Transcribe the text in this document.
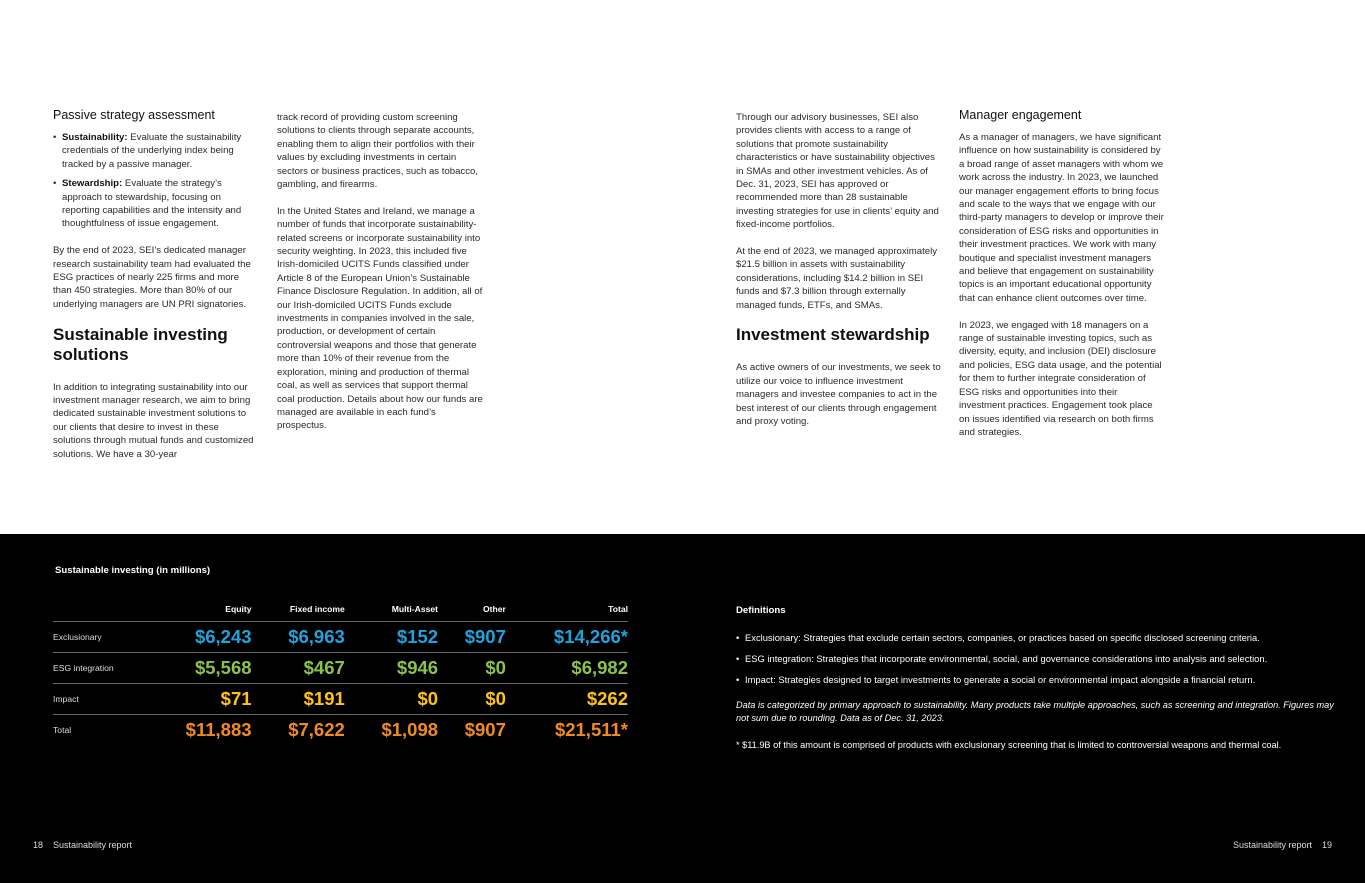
Passive strategy assessment
• Sustainability: Evaluate the sustainability credentials of the underlying index being tracked by a passive manager.
• Stewardship: Evaluate the strategy’s approach to stewardship, focusing on reporting capabilities and the intensity and thoughtfulness of issue engagement.

By the end of 2023, SEI’s dedicated manager research sustainability team had evaluated the ESG practices of nearly 225 firms and more than 450 strategies. More than 80% of our underlying managers are UN PRI signatories.

Sustainable investing solutions

In addition to integrating sustainability into our investment manager research, we aim to bring dedicated sustainable investment solutions to our clients that desire to invest in these solutions through mutual funds and customized solutions. We have a 30-year

track record of providing custom screening solutions to clients through separate accounts, enabling them to align their portfolios with their values by excluding investments in certain sectors or business practices, such as tobacco, gambling, and firearms.

In the United States and Ireland, we manage a number of funds that incorporate sustainability-related screens or incorporate sustainability into security weighting. In 2023, this included five Irish-domiciled UCITS Funds classified under Article 8 of the European Union’s Sustainable Finance Disclosure Regulation. In addition, all of our Irish-domiciled UCITS Funds exclude investments in companies involved in the sale, production, or development of certain controversial weapons and those that generate more than 10% of their revenue from the exploration, mining and production of thermal coal, as well as services that support thermal coal production. Details about how our funds are managed are available in each fund’s prospectus.

Through our advisory businesses, SEI also provides clients with access to a range of solutions that promote sustainability characteristics or have sustainability objectives in SMAs and other investment vehicles. As of Dec. 31, 2023, SEI has approved or recommended more than 28 sustainable investing strategies for use in clients’ equity and fixed-income portfolios.

At the end of 2023, we managed approximately $21.5 billion in assets with sustainability considerations, including $14.2 billion in SEI funds and $7.3 billion through externally managed funds, ETFs, and SMAs.

Investment stewardship

As active owners of our investments, we seek to utilize our voice to influence investment managers and investee companies to act in the best interest of our clients through engagement and proxy voting.

Manager engagement

As a manager of managers, we have significant influence on how sustainability is considered by a broad range of asset managers with whom we work across the industry. In 2023, we launched our manager engagement efforts to bring focus and scale to the ways that we engage with our third-party managers to develop or improve their consideration of ESG risks and opportunities in their investment practices. We work with many boutique and specialist investment managers and believe that engagement on sustainability topics is an important educational opportunity that can enhance client outcomes over time.

In 2023, we engaged with 18 managers on a range of sustainable investing topics, such as diversity, equity, and inclusion (DEI) disclosure and policies, ESG data usage, and the potential for them to further integrate consideration of ESG risks and opportunities into their investment practices. Engagement took place on issues identified via research on both firms and strategies.

Sustainable investing (in millions)
	Equity	Fixed income	Multi-Asset	Other	Total
Exclusionary	$6,243	$6,963	$152	$907	$14,266*
ESG integration	$5,568	$467	$946	$0	$6,982
Impact	$71	$191	$0	$0	$262
Total	$11,883	$7,622	$1,098	$907	$21,511*
Definitions
• Exclusionary: Strategies that exclude certain sectors, companies, or practices based on specific disclosed screening criteria.
• ESG integration: Strategies that incorporate environmental, social, and governance considerations into analysis and selection.
• Impact: Strategies designed to target investments to generate a social or environmental impact alongside a financial return.

Data is categorized by primary approach to sustainability. Many products take multiple approaches, such as screening and integration. Figures may not sum due to rounding. Data as of Dec. 31, 2023.

* $11.9B of this amount is comprised of products with exclusionary screening that is limited to controversial weapons and thermal coal.

18 Sustainability report	Sustainability report 19
